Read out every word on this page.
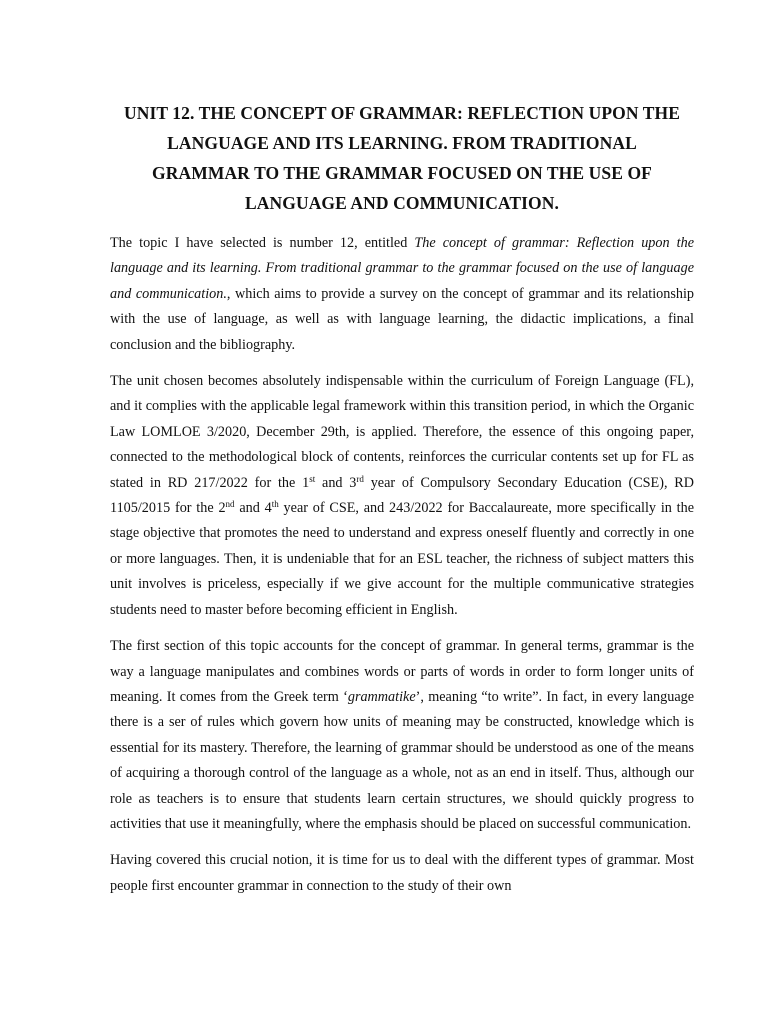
UNIT 12. THE CONCEPT OF GRAMMAR: REFLECTION UPON THE
LANGUAGE AND ITS LEARNING. FROM TRADITIONAL
GRAMMAR TO THE GRAMMAR FOCUSED ON THE USE OF
LANGUAGE AND COMMUNICATION.

The topic I have selected is number 12, entitled The concept of grammar: Reflection upon the language and its learning. From traditional grammar to the grammar focused on the use of language and communication., which aims to provide a survey on the concept of grammar and its relationship with the use of language, as well as with language learning, the didactic implications, a final conclusion and the bibliography.

The unit chosen becomes absolutely indispensable within the curriculum of Foreign Language (FL), and it complies with the applicable legal framework within this transition period, in which the Organic Law LOMLOE 3/2020, December 29th, is applied. Therefore, the essence of this ongoing paper, connected to the methodological block of contents, reinforces the curricular contents set up for FL as stated in RD 217/2022 for the 1st and 3rd year of Compulsory Secondary Education (CSE), RD 1105/2015 for the 2nd and 4th year of CSE, and 243/2022 for Baccalaureate, more specifically in the stage objective that promotes the need to understand and express oneself fluently and correctly in one or more languages. Then, it is undeniable that for an ESL teacher, the richness of subject matters this unit involves is priceless, especially if we give account for the multiple communicative strategies students need to master before becoming efficient in English.

The first section of this topic accounts for the concept of grammar. In general terms, grammar is the way a language manipulates and combines words or parts of words in order to form longer units of meaning. It comes from the Greek term ‘grammatike’, meaning “to write”. In fact, in every language there is a ser of rules which govern how units of meaning may be constructed, knowledge which is essential for its mastery. Therefore, the learning of grammar should be understood as one of the means of acquiring a thorough control of the language as a whole, not as an end in itself. Thus, although our role as teachers is to ensure that students learn certain structures, we should quickly progress to activities that use it meaningfully, where the emphasis should be placed on successful communication.

Having covered this crucial notion, it is time for us to deal with the different types of grammar. Most people first encounter grammar in connection to the study of their own
